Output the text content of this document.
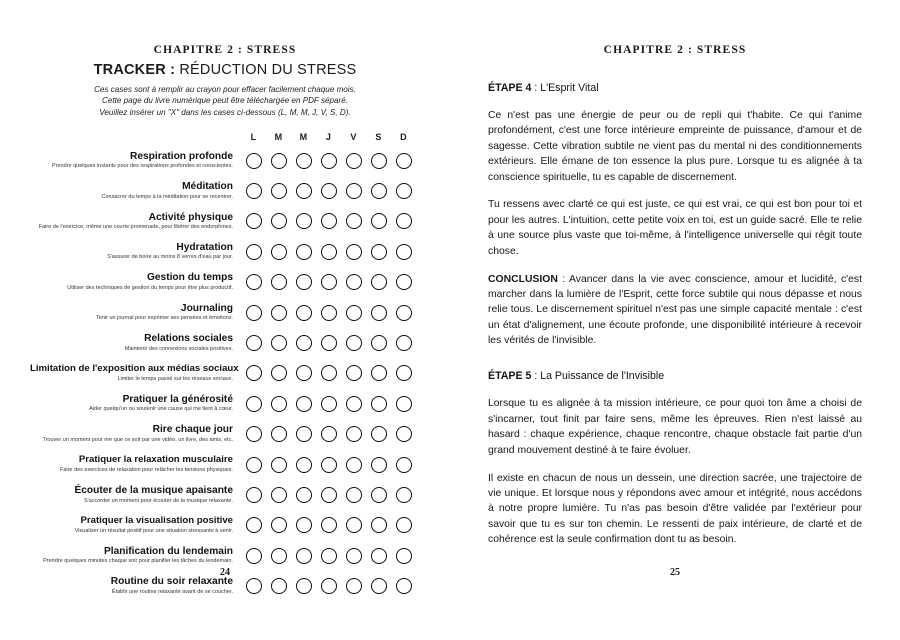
CHAPITRE 2 : STRESS
TRACKER : RÉDUCTION DU STRESS
Ces cases sont à remplir au crayon pour effacer facilement chaque mois.
Cette page du livre numérique peut être téléchargée en PDF séparé.
Veuillez insérer un "X" dans les cases ci-dessous (L, M, M, J, V, S, D).
L	M	M	J	V	S	D
Respiration profonde
Prendre quelques instants pour des respirations profondes et conscientes.
Méditation
Consacrer du temps à la méditation pour se recentrer.
Activité physique
Faire de l'exercice, même une courte promenade, pour libérer des endorphines.
Hydratation
S'assurer de boire au moins 8 verres d'eau par jour.
Gestion du temps
Utiliser des techniques de gestion du temps pour être plus productif.
Journaling
Tenir un journal pour exprimer ses pensées et émotions.
Relations sociales
Maintenir des connexions sociales positives.
Limitation de l'exposition aux médias sociaux
Limiter le temps passé sur les réseaux sociaux.
Pratiquer la générosité
Aider quelqu'un ou soutenir une cause qui me tient à cœur.
Rire chaque jour
Trouver un moment pour rire que ce soit par une vidéo, un livre, des amis, etc.
Pratiquer la relaxation musculaire
Faire des exercices de relaxation pour relâcher les tensions physiques.
Écouter de la musique apaisante
S'accorder un moment pour écouter de la musique relaxante.
Pratiquer la visualisation positive
Visualiser un résultat positif pour une situation stressante à venir.
Planification du lendemain
Prendre quelques minutes chaque soir pour planifier les tâches du lendemain.
Routine du soir relaxante
Établir une routine relaxante avant de se coucher.
24
CHAPITRE 2 : STRESS
ÉTAPE 4 : L'Esprit Vital

Ce n'est pas une énergie de peur ou de repli qui t'habite. Ce qui t'anime profondément, c'est une force intérieure empreinte de puissance, d'amour et de sagesse. Cette vibration subtile ne vient pas du mental ni des conditionnements extérieurs. Elle émane de ton essence la plus pure. Lorsque tu es alignée à ta conscience spirituelle, tu es capable de discernement.

Tu ressens avec clarté ce qui est juste, ce qui est vrai, ce qui est bon pour toi et pour les autres. L'intuition, cette petite voix en toi, est un guide sacré. Elle te relie à une source plus vaste que toi-même, à l'intelligence universelle qui régit toute chose.

CONCLUSION : Avancer dans la vie avec conscience, amour et lucidité, c'est marcher dans la lumière de l'Esprit, cette force subtile qui nous dépasse et nous relie tous. Le discernement spirituel n'est pas une simple capacité mentale : c'est un état d'alignement, une écoute profonde, une disponibilité intérieure à recevoir les vérités de l'invisible.

ÉTAPE 5 : La Puissance de l'Invisible

Lorsque tu es alignée à ta mission intérieure, ce pour quoi ton âme a choisi de s'incarner, tout finit par faire sens, même les épreuves. Rien n'est laissé au hasard : chaque expérience, chaque rencontre, chaque obstacle fait partie d'un grand mouvement destiné à te faire évoluer.

Il existe en chacun de nous un dessein, une direction sacrée, une trajectoire de vie unique. Et lorsque nous y répondons avec amour et intégrité, nous accédons à notre propre lumière. Tu n'as pas besoin d'être validée par l'extérieur pour savoir que tu es sur ton chemin. Le ressenti de paix intérieure, de clarté et de cohérence est la seule confirmation dont tu as besoin.

25
